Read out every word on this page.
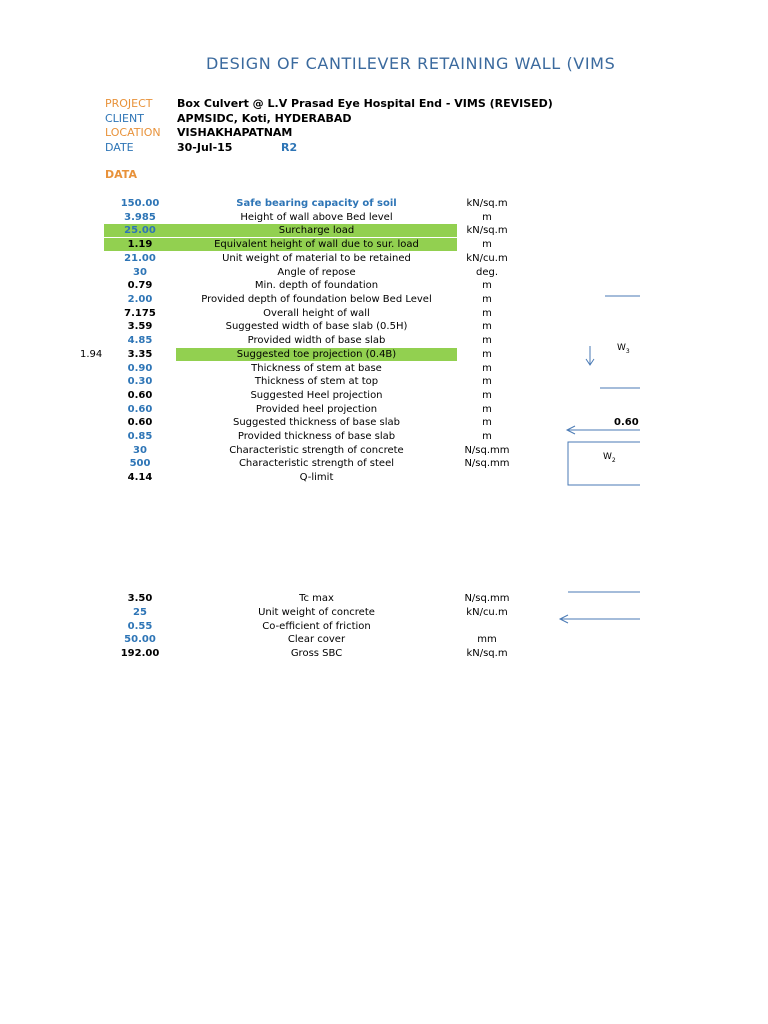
DESIGN OF CANTILEVER RETAINING WALL (VIMS
PROJECT Box Culvert @ L.V Prasad Eye Hospital End - VIMS (REVISED)
CLIENT	APMSIDC, Koti, HYDERABAD
LOCATION VISHAKHAPATNAM
DATE	30-Jul-15	R2
DATA
150.00	Safe bearing capacity of soil	kN/sq.m
3.985	Height of wall above Bed level	m
25.00	Surcharge load	kN/sq.m
1.19	Equivalent height of wall due to sur. load	m
21.00	Unit weight of material to be retained	kN/cu.m
30	Angle of repose	deg.
0.79	Min. depth of foundation	m
2.00	Provided depth of foundation below Bed Level	m
7.175	Overall height of wall	m
3.59	Suggested width of base slab (0.5H)	m
4.85	Provided width of base slab	m
1.94	3.35	Suggested toe projection (0.4B)	m
0.90	Thickness of stem at base	m
0.30	Thickness of stem at top	m
0.60	Suggested Heel projection	m
0.60	Provided heel projection	m
0.60	Suggested thickness of base slab	m
0.85	Provided thickness of base slab	m
30	Characteristic strength of concrete	N/sq.mm
500	Characteristic strength of steel	N/sq.mm
4.14	Q-limit
3.50	Tc max	N/sq.mm
25	Unit weight of concrete	kN/cu.m
0.55	Co-efficient of friction
50.00	Clear cover	mm
192.00	Gross SBC	kN/sq.m
$W_3$
0.60
$W_2$
